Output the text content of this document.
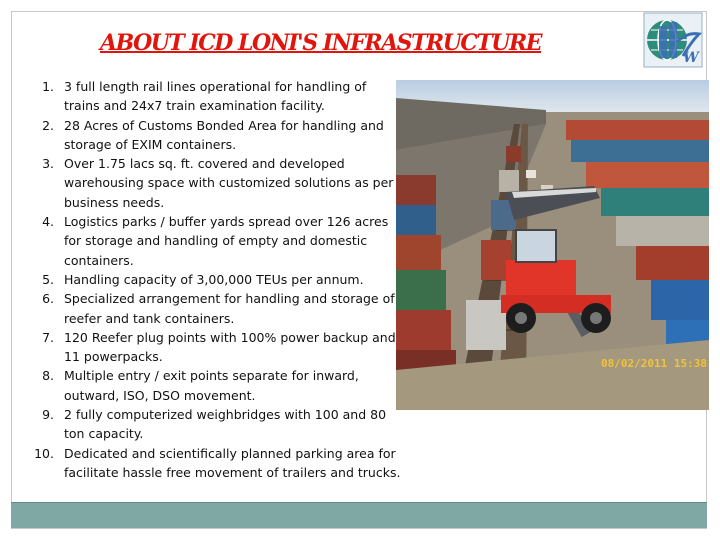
ABOUT ICD LONI'S INFRASTRUCTURE
W
1. 3 full length rail lines operational for handling of trains and 24x7 train examination facility.
2. 28 Acres of Customs Bonded Area for handling and storage of EXIM containers.
3. Over 1.75 lacs sq. ft. covered and developed warehousing space with customized solutions as per business needs.
4. Logistics parks / buffer yards spread over 126 acres for storage and handling of empty and domestic containers.
5. Handling capacity of 3,00,000 TEUs per annum.
6. Specialized arrangement for handling and storage of reefer and tank containers.
7. 120 Reefer plug points with 100% power backup and 11 powerpacks.
8. Multiple entry / exit points separate for inward, outward, ISO, DSO movement.
9. 2 fully computerized weighbridges with 100 and 80 ton capacity.
10. Dedicated and scientifically planned parking area for facilitate hassle free movement of trailers and trucks.
08/02/2011 15:38
